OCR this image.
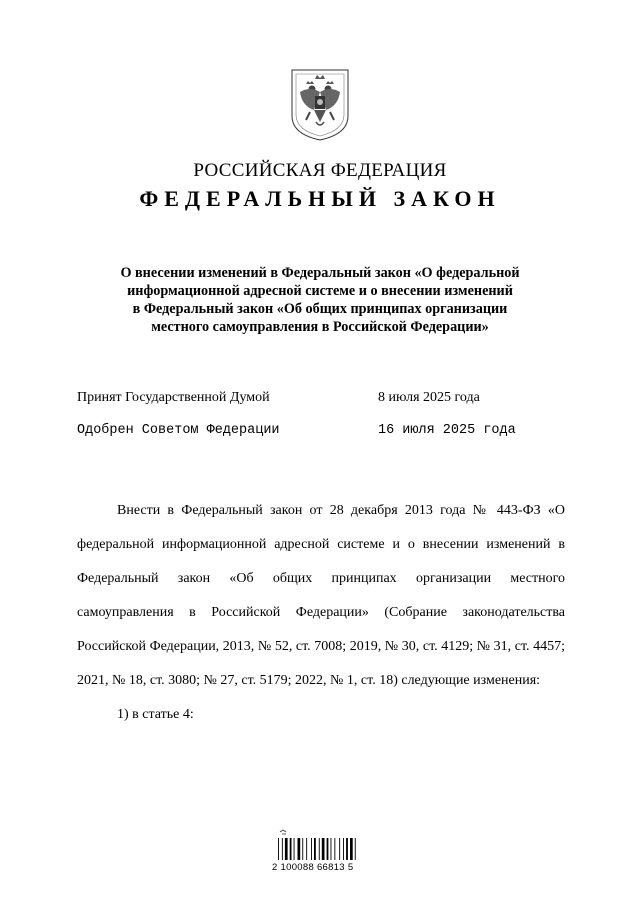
РОССИЙСКАЯ ФЕДЕРАЦИЯ
ФЕДЕРАЛЬНЫЙ ЗАКОН
О внесении изменений в Федеральный закон «О федеральной
информационной адресной системе и о внесении изменений
в Федеральный закон «Об общих принципах организации
местного самоуправления в Российской Федерации»
Принят Государственной Думой	8 июля 2025 года
Одобрен Советом Федерации	16 июля 2025 года

Внести в Федеральный закон от 28 декабря 2013 года № 443-ФЗ «О федеральной информационной адресной системе и о внесении изменений в Федеральный закон «Об общих принципах организации местного самоуправления в Российской Федерации» (Собрание законодательства Российской Федерации, 2013, № 52, ст. 7008; 2019, № 30, ст. 4129; № 31, ст. 4457; 2021, № 18, ст. 3080; № 27, ст. 5179; 2022, № 1, ст. 18) следующие изменения:

1) в статье 4:

2 100088 66813 5
